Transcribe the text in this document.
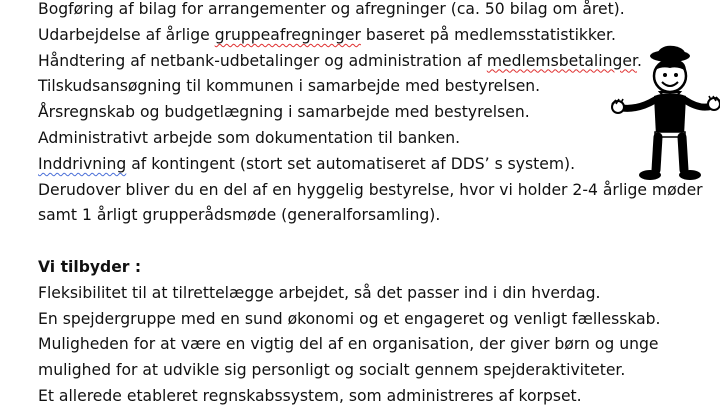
Bogføring af bilag for arrangementer og afregninger (ca. 50 bilag om året).
Udarbejdelse af årlige gruppeafregninger baseret på medlemsstatistikker.
Håndtering af netbank-udbetalinger og administration af medlemsbetalinger.
Tilskudsansøgning til kommunen i samarbejde med bestyrelsen.
Årsregnskab og budgetlægning i samarbejde med bestyrelsen.
Administrativt arbejde som dokumentation til banken.
Inddrivning af kontingent (stort set automatiseret af DDS’ s system).
Derudover bliver du en del af en hyggelig bestyrelse, hvor vi holder 2-4 årlige møder
samt 1 årligt grupperådsmøde (generalforsamling).
Vi tilbyder :
Fleksibilitet til at tilrettelægge arbejdet, så det passer ind i din hverdag.
En spejdergruppe med en sund økonomi og et engageret og venligt fællesskab.
Muligheden for at være en vigtig del af en organisation, der giver børn og unge
mulighed for at udvikle sig personligt og socialt gennem spejderaktiviteter.
Et allerede etableret regnskabssystem, som administreres af korpset.
